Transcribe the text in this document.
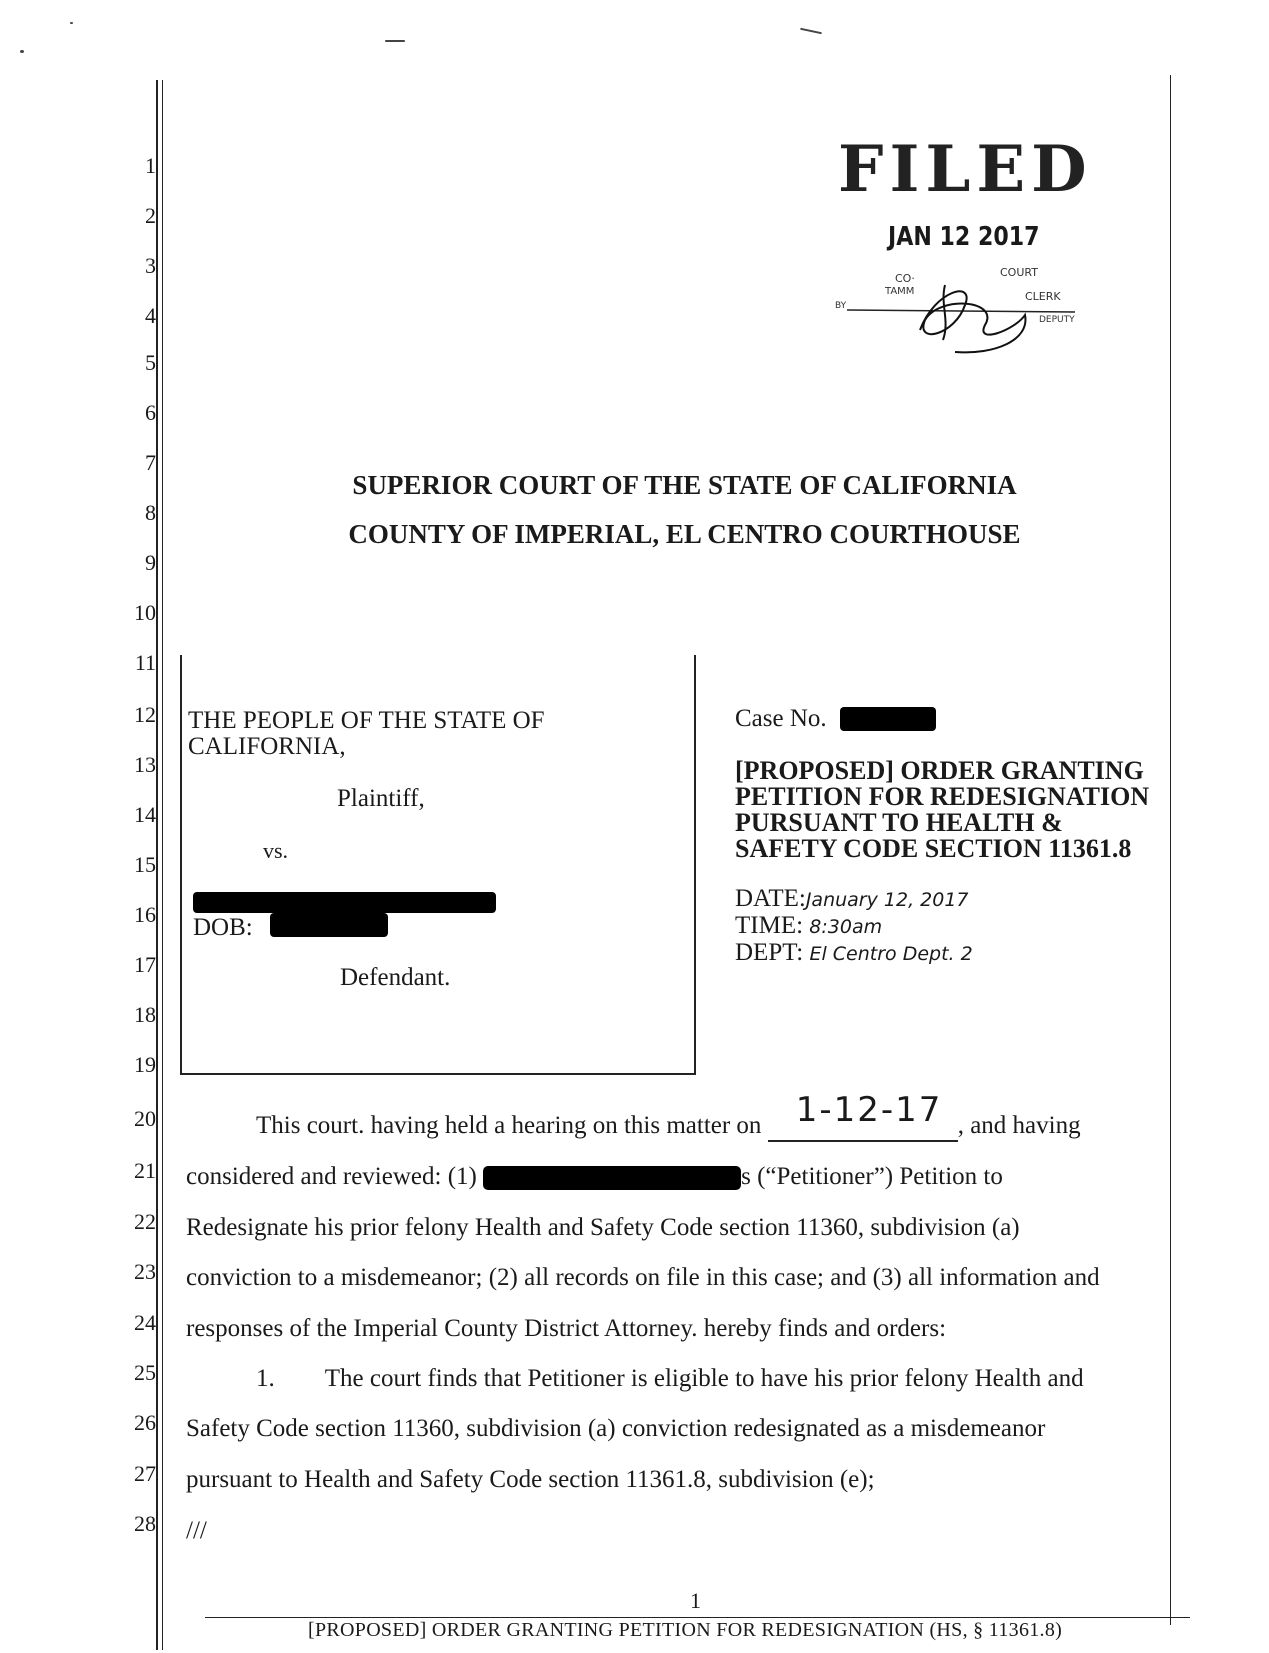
1
2
3
4
5
6
7
8
9
10
11
12
13
14
15
16
17
18
19
20
21
22
23
24
25
26
27
28
FILED
JAN 12 2017
CO·	COURT
TAMM	CLERK
BY
DEPUTY
SUPERIOR COURT OF THE STATE OF CALIFORNIA
COUNTY OF IMPERIAL, EL CENTRO COURTHOUSE
THE PEOPLE OF THE STATE OF
CALIFORNIA,
Plaintiff,
vs.
DOB:
Defendant.
Case No.
[PROPOSED] ORDER GRANTING
PETITION FOR REDESIGNATION
PURSUANT TO HEALTH &
SAFETY CODE SECTION 11361.8
DATE:January 12, 2017
TIME: 8:30am
DEPT: El Centro Dept. 2
This court. having held a hearing on this matter on 1-12-17 , and having
considered and reviewed: (1)	s (“Petitioner”) Petition to
Redesignate his prior felony Health and Safety Code section 11360, subdivision (a)
conviction to a misdemeanor; (2) all records on file in this case; and (3) all information and
responses of the Imperial County District Attorney. hereby finds and orders:
1. The court finds that Petitioner is eligible to have his prior felony Health and
Safety Code section 11360, subdivision (a) conviction redesignated as a misdemeanor
pursuant to Health and Safety Code section 11361.8, subdivision (e);
///
1
[PROPOSED] ORDER GRANTING PETITION FOR REDESIGNATION (HS, § 11361.8)
